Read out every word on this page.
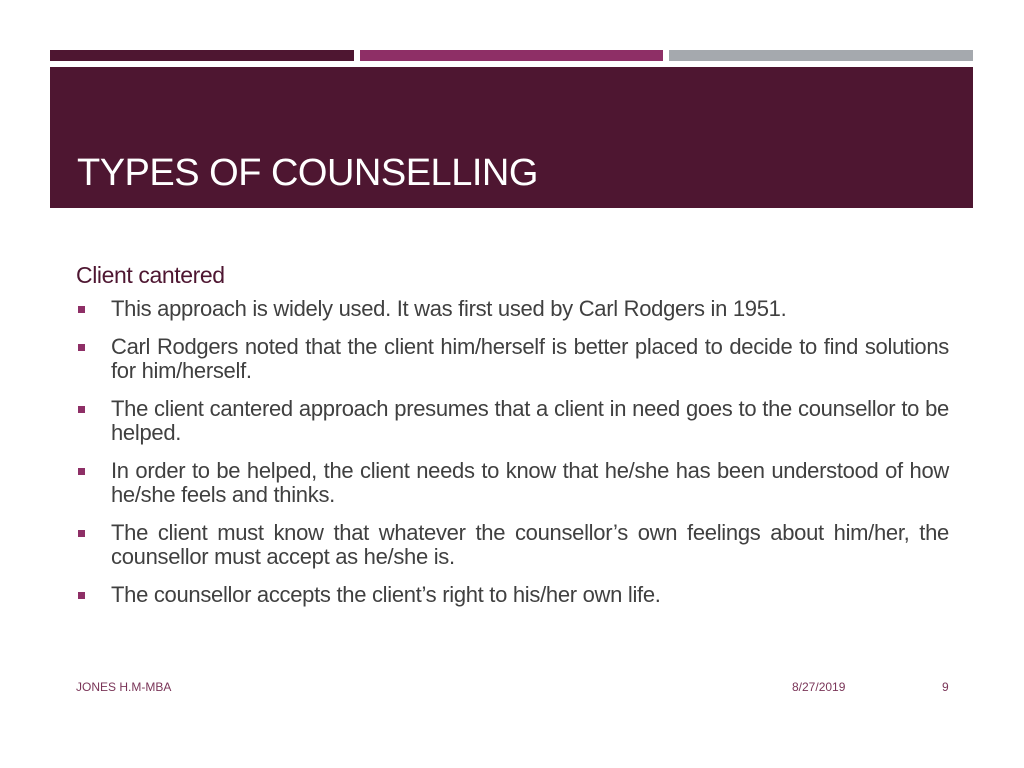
TYPES OF COUNSELLING
Client cantered
This approach is widely used. It was first used by Carl Rodgers in 1951.
Carl Rodgers noted that the client him/herself is better placed to decide to find solutions for him/herself.
The client cantered approach presumes that a client in need goes to the counsellor to be helped.
In order to be helped, the client needs to know that he/she has been understood of how he/she feels and thinks.
The client must know that whatever the counsellor’s own feelings about him/her, the counsellor must accept as he/she is.
The counsellor accepts the client’s right to his/her own life.
JONES H.M-MBA	8/27/2019	9
